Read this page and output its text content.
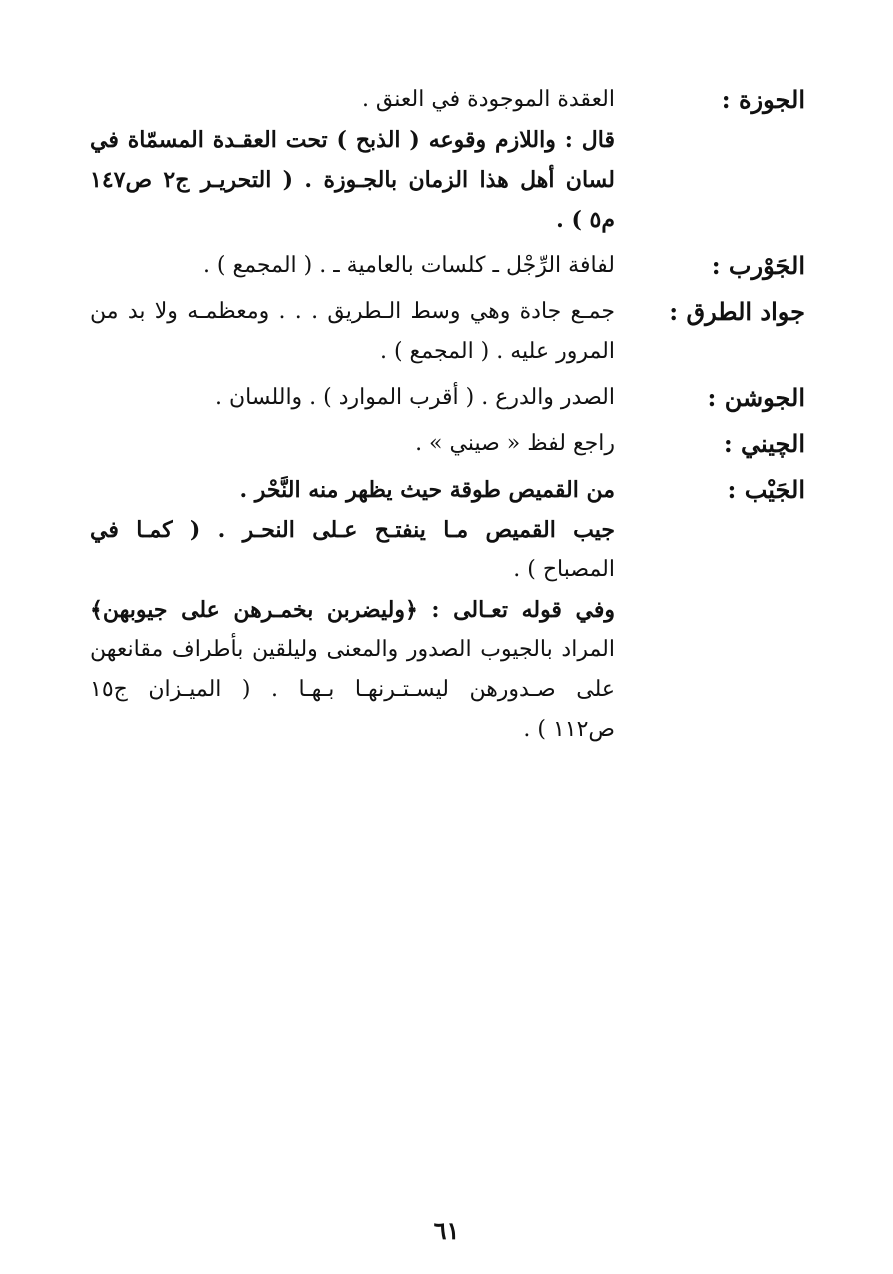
الجوزة :
العقدة الموجودة في العنق .
قال : واللازم وقوعه ( الذبح ) تحت العقـدة المسمّاة في
لسان أهل هذا الزمان بالجـوزة . ( التحريـر ج٢ ص١٤٧
م٥ ) .
الجَوْرب :
لفافة الرِّجْل ـ كلسات بالعامية ـ . ( المجمع ) .
جواد الطرق :
جمـع جادة وهي وسط الـطريق . . . ومعظمـه ولا بد من
المرور عليه . ( المجمع ) .
الجوشن :
الصدر والدرع . ( أقرب الموارد ) . واللسان .
الچيني :
راجع لفظ « صيني » .
الجَيْب :
من القميص طوقة حيث يظهر منه النَّحْر .
جيب القميص مـا ينفتـح عـلى النحـر . ( كمـا في
المصباح ) .
وفي قوله تعـالى : ﴿وليضربن بخمـرهن على جيوبهن﴾
المراد بالجيوب الصدور والمعنى وليلقين بأطراف مقانعهن
على صـدورهن ليسـتـرنهـا بـهـا . ( الميـزان ج١٥
ص١١٢ ) .
٦١
